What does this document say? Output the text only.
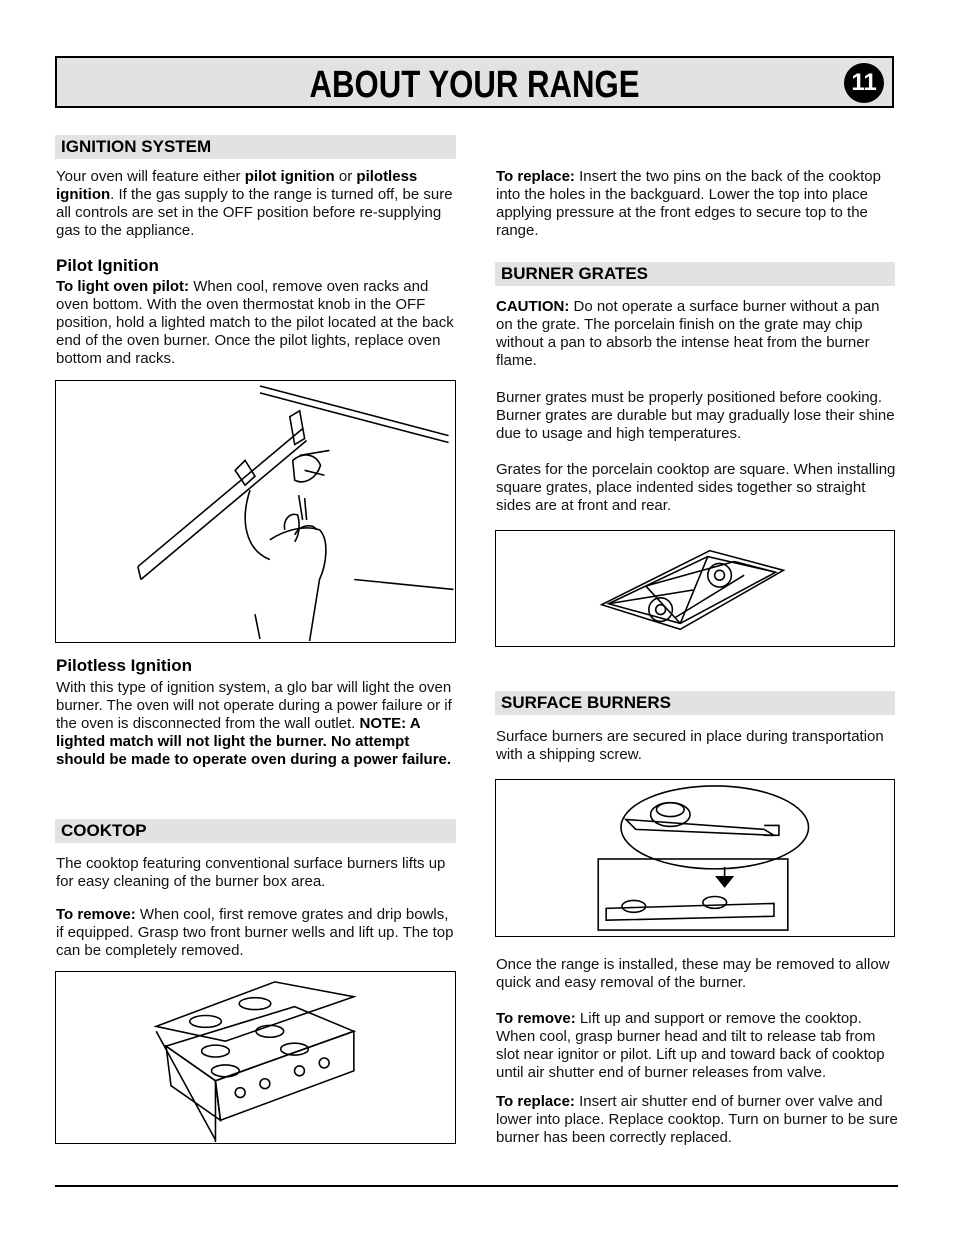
ABOUT YOUR RANGE	11
IGNITION SYSTEM

Your oven will feature either pilot ignition or pilotless ignition. If the gas supply to the range is turned off, be sure all controls are set in the OFF position before re-supplying gas to the appliance.

Pilot Ignition

To light oven pilot: When cool, remove oven racks and oven bottom. With the oven thermostat knob in the OFF position, hold a lighted match to the pilot located at the back end of the oven burner. Once the pilot lights, replace oven bottom and racks.

Pilotless Ignition

With this type of ignition system, a glo bar will light the oven burner. The oven will not operate during a power failure or if the oven is disconnected from the wall outlet. NOTE: A lighted match will not light the burner. No attempt should be made to operate oven during a power failure.

COOKTOP

The cooktop featuring conventional surface burners lifts up for easy cleaning of the burner box area.

To remove: When cool, first remove grates and drip bowls, if equipped. Grasp two front burner wells and lift up. The top can be completely removed.

To replace: Insert the two pins on the back of the cooktop into the holes in the backguard. Lower the top into place applying pressure at the front edges to secure top to the range.

BURNER GRATES

CAUTION: Do not operate a surface burner without a pan on the grate. The porcelain finish on the grate may chip without a pan to absorb the intense heat from the burner flame.

Burner grates must be properly positioned before cooking. Burner grates are durable but may gradually lose their shine due to usage and high temperatures.

Grates for the porcelain cooktop are square. When installing square grates, place indented sides together so straight sides are at front and rear.

SURFACE BURNERS

Surface burners are secured in place during transportation with a shipping screw.

Once the range is installed, these may be removed to allow quick and easy removal of the burner.

To remove: Lift up and support or remove the cooktop. When cool, grasp burner head and tilt to release tab from slot near ignitor or pilot. Lift up and toward back of cooktop until air shutter end of burner releases from valve.

To replace: Insert air shutter end of burner over valve and lower into place. Replace cooktop. Turn on burner to be sure burner has been correctly replaced.
